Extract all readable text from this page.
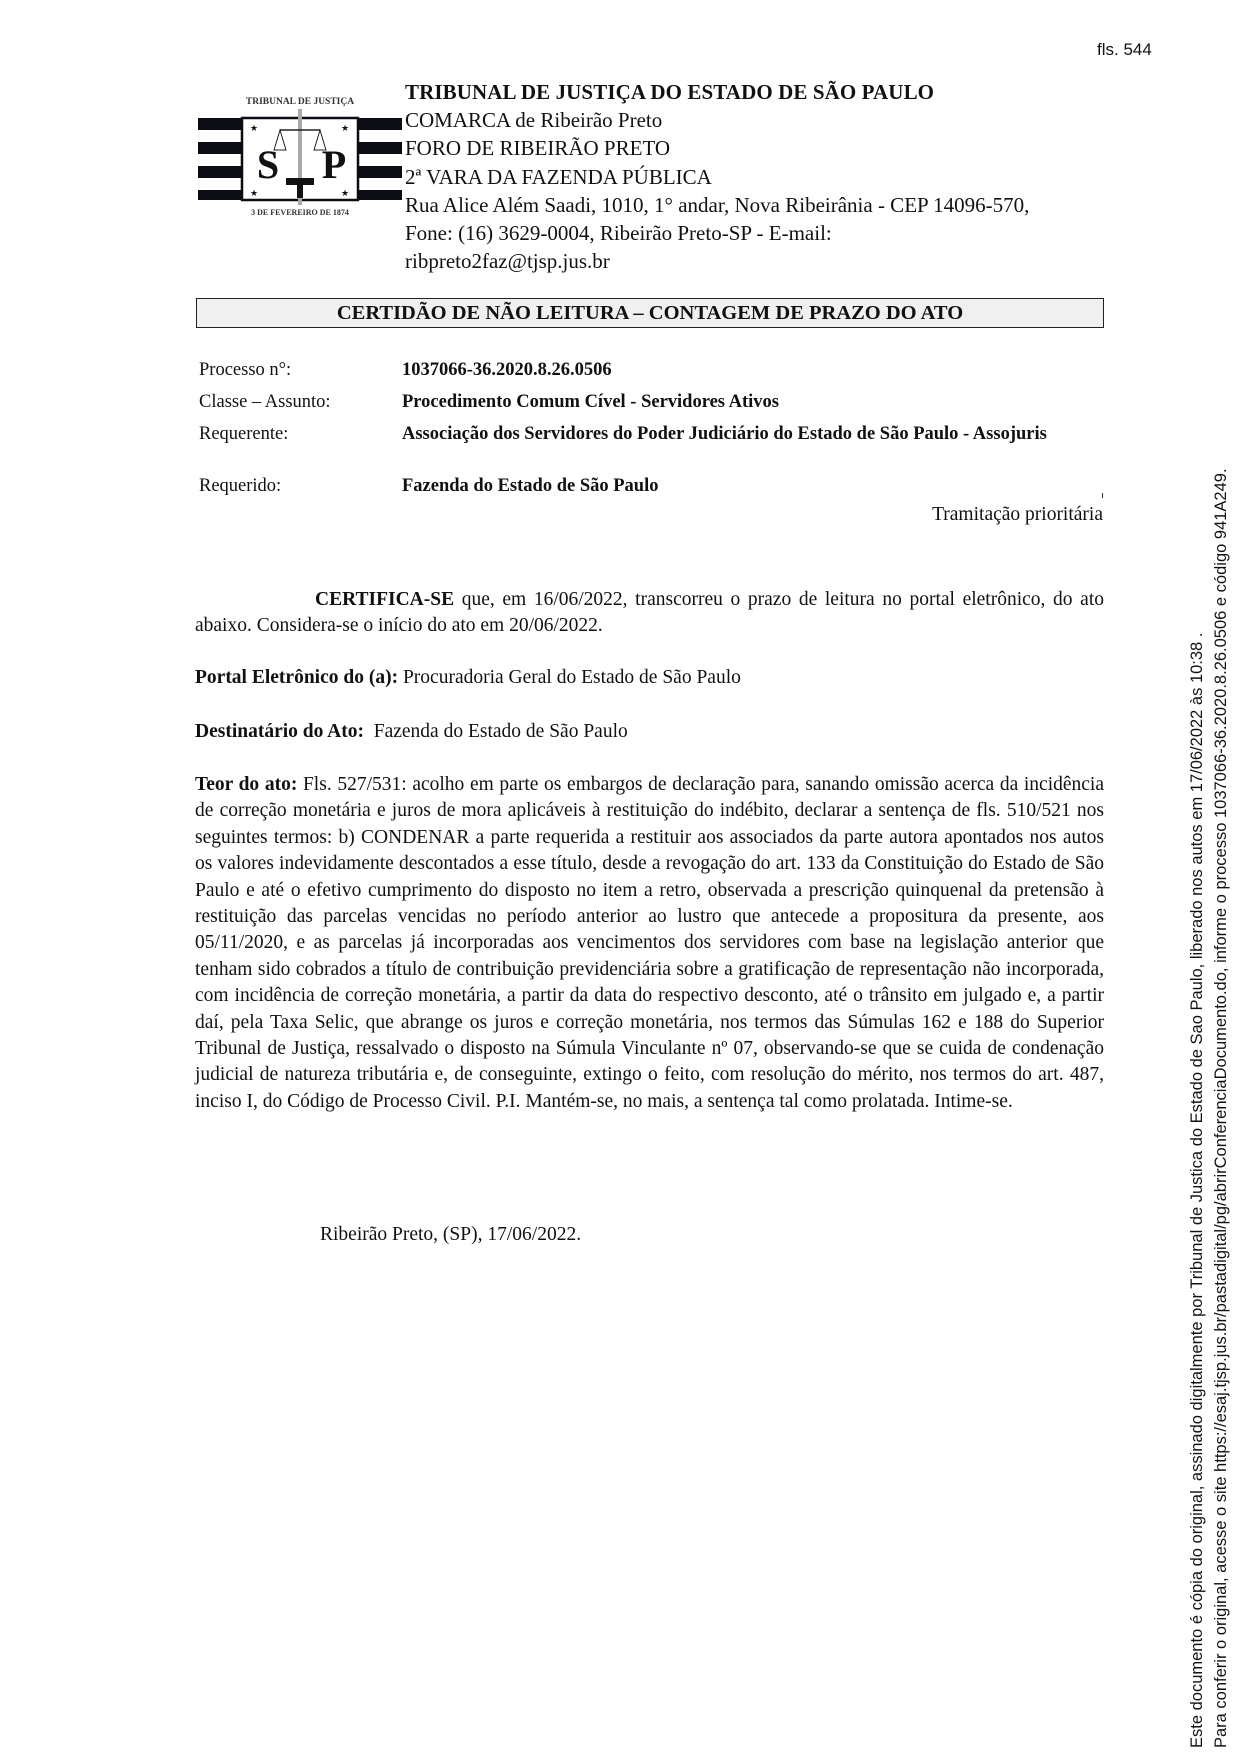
fls. 544
TRIBUNAL DE JUSTIÇA
★	★
★	★
S P
3 DE FEVEREIRO DE 1874
TRIBUNAL DE JUSTIÇA DO ESTADO DE SÃO PAULO
COMARCA de Ribeirão Preto
FORO DE RIBEIRÃO PRETO
2ª VARA DA FAZENDA PÚBLICA
Rua Alice Além Saadi, 1010, 1° andar, Nova Ribeirânia - CEP 14096-570,
Fone: (16) 3629-0004, Ribeirão Preto-SP - E-mail:
ribpreto2faz@tjsp.jus.br
CERTIDÃO DE NÃO LEITURA – CONTAGEM DE PRAZO DO ATO
Processo n°:	1037066-36.2020.8.26.0506
Classe – Assunto:	Procedimento Comum Cível - Servidores Ativos
Requerente:	Associação dos Servidores do Poder Judiciário do Estado de São Paulo - Assojuris
Requerido:	Fazenda do Estado de São Paulo
Tramitação prioritária
CERTIFICA-SE que, em 16/06/2022, transcorreu o prazo de leitura no portal eletrônico, do ato abaixo. Considera-se o início do ato em 20/06/2022.
Portal Eletrônico do (a): Procuradoria Geral do Estado de São Paulo
Destinatário do Ato:  Fazenda do Estado de São Paulo
Teor do ato: Fls. 527/531: acolho em parte os embargos de declaração para, sanando omissão acerca da incidência de correção monetária e juros de mora aplicáveis à restituição do indébito, declarar a sentença de fls. 510/521 nos seguintes termos: b) CONDENAR a parte requerida a restituir aos associados da parte autora apontados nos autos os valores indevidamente descontados a esse título, desde a revogação do art. 133 da Constituição do Estado de São Paulo e até o efetivo cumprimento do disposto no item a retro, observada a prescrição quinquenal da pretensão à restituição das parcelas vencidas no período anterior ao lustro que antecede a propositura da presente, aos 05/11/2020, e as parcelas já incorporadas aos vencimentos dos servidores com base na legislação anterior que tenham sido cobrados a título de contribuição previdenciária sobre a gratificação de representação não incorporada, com incidência de correção monetária, a partir da data do respectivo desconto, até o trânsito em julgado e, a partir daí, pela Taxa Selic, que abrange os juros e correção monetária, nos termos das Súmulas 162 e 188 do Superior Tribunal de Justiça, ressalvado o disposto na Súmula Vinculante nº 07, observando-se que se cuida de condenação judicial de natureza tributária e, de conseguinte, extingo o feito, com resolução do mérito, nos termos do art. 487, inciso I, do Código de Processo Civil. P.I. Mantém-se, no mais, a sentença tal como prolatada. Intime-se.
Ribeirão Preto, (SP), 17/06/2022.	Este documento é cópia do original, assinado digitalmente por Tribunal de Justica do Estado de Sao Paulo, liberado nos autos em 17/06/2022 às 10:38 . Para conferir o original, acesse o site https://esaj.tjsp.jus.br/pastadigital/pg/abrirConferenciaDocumento.do, informe o processo 1037066-36.2020.8.26.0506 e código 941A249.
